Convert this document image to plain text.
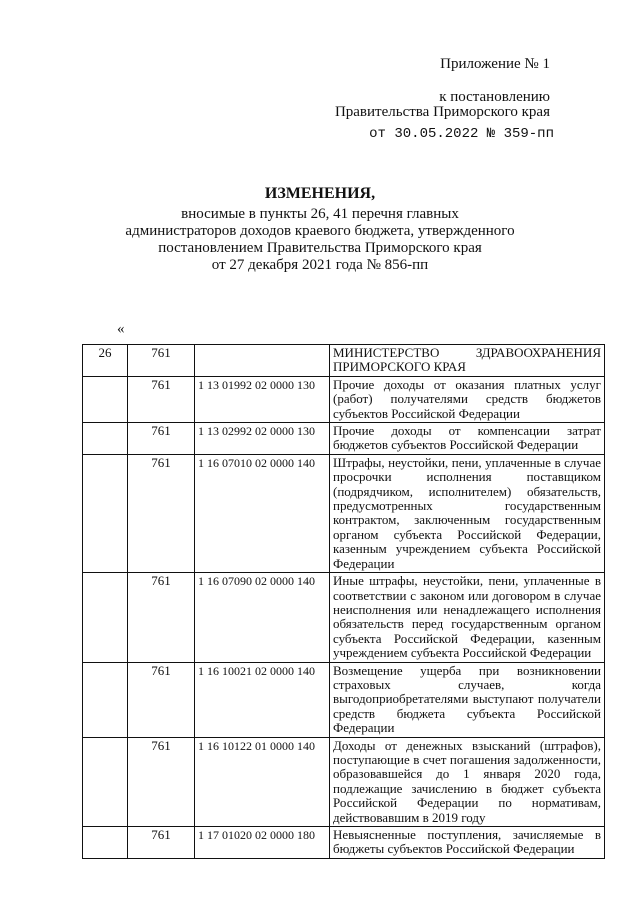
Приложение № 1
к постановлению
Правительства Приморского края
от 30.05.2022 № 359-пп
ИЗМЕНЕНИЯ,
вносимые в пункты 26, 41 перечня главных
администраторов доходов краевого бюджета, утвержденного
постановлением Правительства Приморского края
от 27 декабря 2021 года № 856-пп
«
26	761		МИНИСТЕРСТВО ЗДРАВООХРАНЕНИЯ ПРИМОРСКОГО КРАЯ
	761	1 13 01992 02 0000 130	Прочие доходы от оказания платных услуг (работ) получателями средств бюджетов субъектов Российской Федерации
	761	1 13 02992 02 0000 130	Прочие доходы от компенсации затрат бюджетов субъектов Российской Федерации
	761	1 16 07010 02 0000 140	Штрафы, неустойки, пени, уплаченные в случае просрочки исполнения поставщиком (подрядчиком, исполнителем) обязательств, предусмотренных государственным контрактом, заключенным государственным органом субъекта Российской Федерации, казенным учреждением субъекта Российской Федерации
	761	1 16 07090 02 0000 140	Иные штрафы, неустойки, пени, уплаченные в соответствии с законом или договором в случае неисполнения или ненадлежащего исполнения обязательств перед государственным органом субъекта Российской Федерации, казенным учреждением субъекта Российской Федерации
	761	1 16 10021 02 0000 140	Возмещение ущерба при возникновении страховых случаев, когда выгодоприобретателями выступают получатели средств бюджета субъекта Российской Федерации
	761	1 16 10122 01 0000 140	Доходы от денежных взысканий (штрафов), поступающие в счет погашения задолженности, образовавшейся до 1 января 2020 года, подлежащие зачислению в бюджет субъекта Российской Федерации по нормативам, действовавшим в 2019 году
	761	1 17 01020 02 0000 180	Невыясненные поступления, зачисляемые в бюджеты субъектов Российской Федерации
